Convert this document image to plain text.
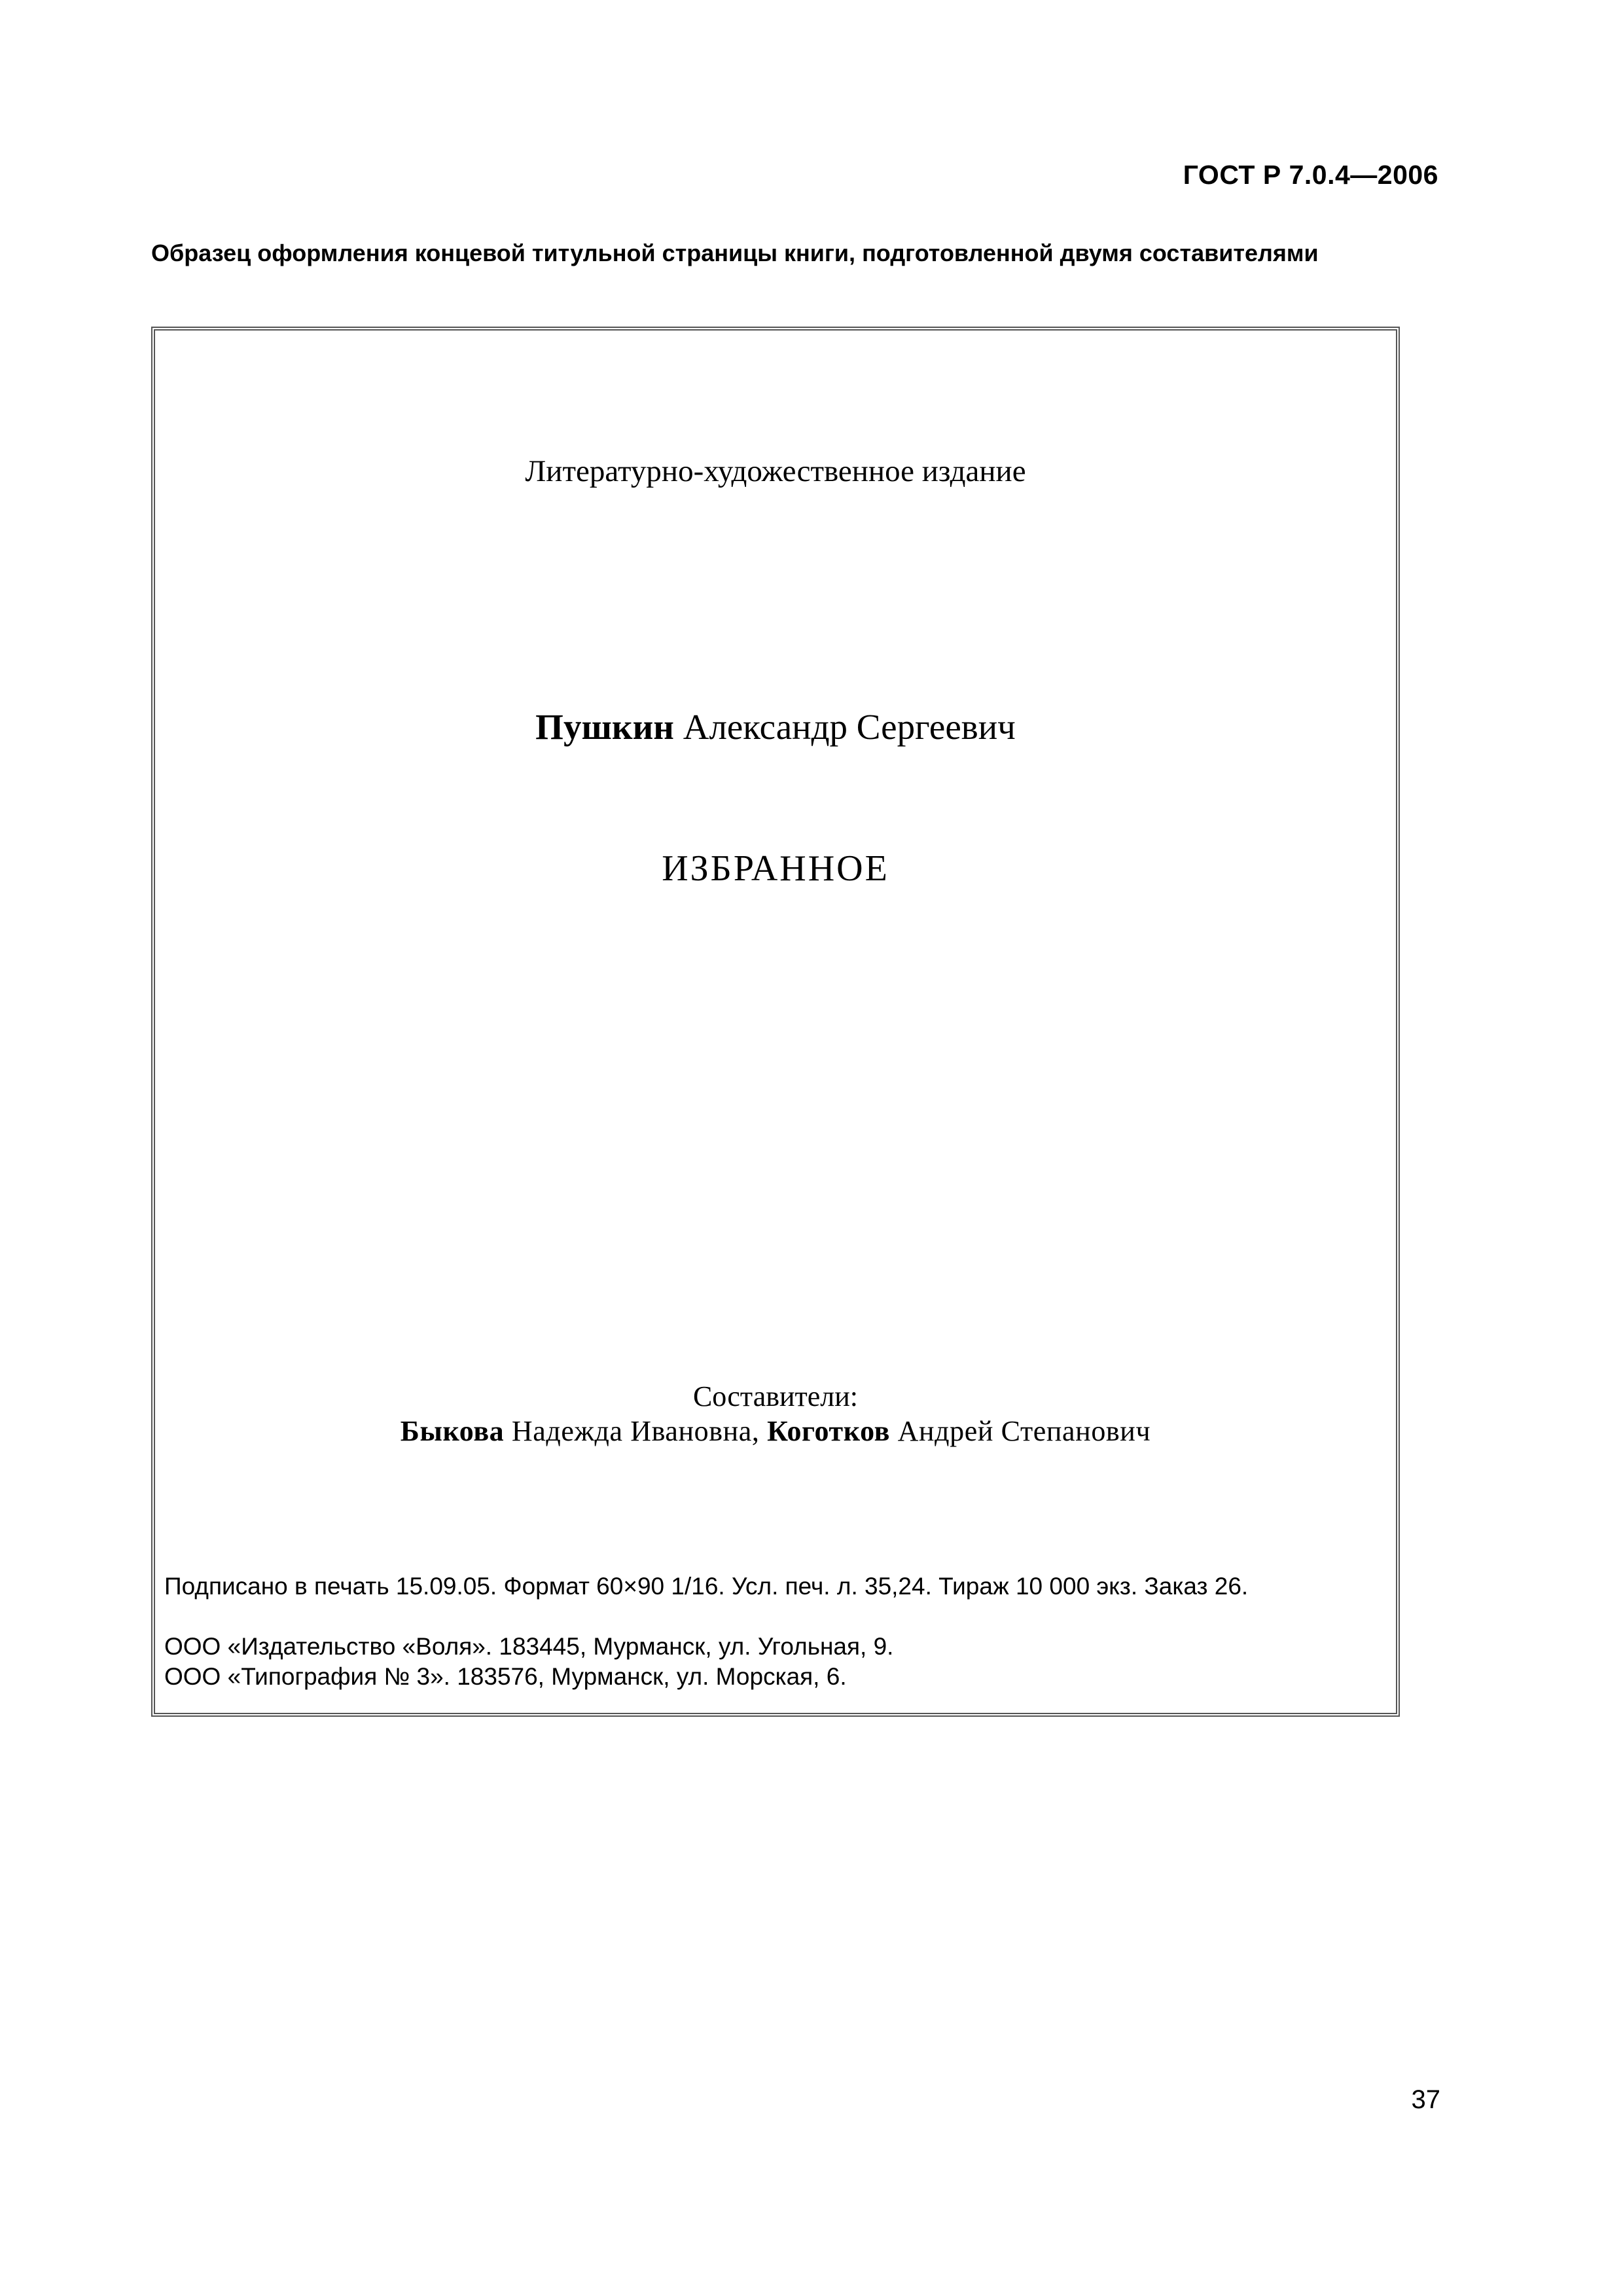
ГОСТ Р 7.0.4—2006
Образец оформления концевой титульной страницы книги, подготовленной двумя составителями
Литературно-художественное издание
Пушкин Александр Сергеевич
ИЗБРАННОЕ
Составители:
Быкова Надежда Ивановна, Коготков Андрей Степанович
Подписано в печать 15.09.05. Формат 60×90 1/16. Усл. печ. л. 35,24. Тираж 10 000 экз. Заказ 26.
ООО «Издательство «Воля». 183445, Мурманск, ул. Угольная, 9.
ООО «Типография № 3». 183576, Мурманск, ул. Морская, 6.
37
